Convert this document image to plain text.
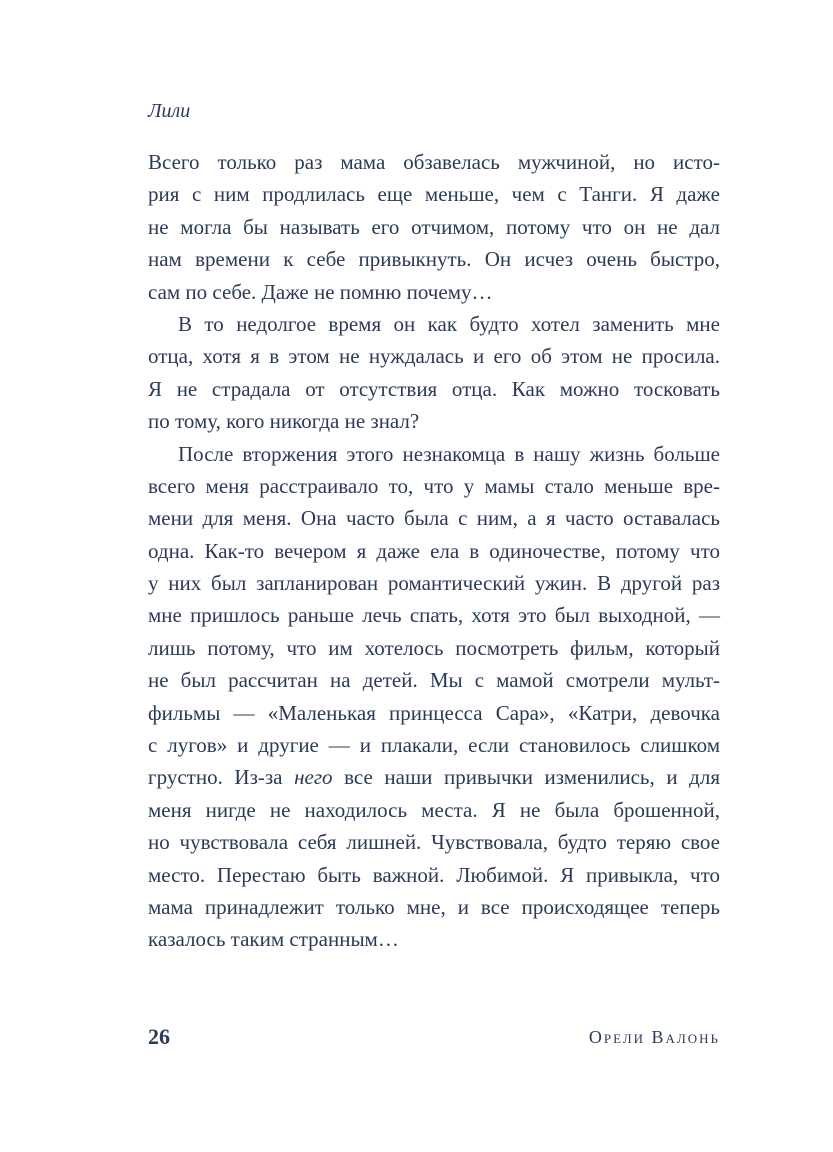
Лили
Всего только раз мама обзавелась мужчиной, но исто-
рия с ним продлилась еще меньше, чем с Танги. Я даже
не могла бы называть его отчимом, потому что он не дал
нам времени к себе привыкнуть. Он исчез очень быстро,
сам по себе. Даже не помню почему…
В то недолгое время он как будто хотел заменить мне
отца, хотя я в этом не нуждалась и его об этом не просила.
Я не страдала от отсутствия отца. Как можно тосковать
по тому, кого никогда не знал?
После вторжения этого незнакомца в нашу жизнь больше
всего меня расстраивало то, что у мамы стало меньше вре-
мени для меня. Она часто была с ним, а я часто оставалась
одна. Как-то вечером я даже ела в одиночестве, потому что
у них был запланирован романтический ужин. В другой раз
мне пришлось раньше лечь спать, хотя это был выходной, —
лишь потому, что им хотелось посмотреть фильм, который
не был рассчитан на детей. Мы с мамой смотрели мульт-
фильмы — «Маленькая принцесса Сара», «Катри, девочка
с лугов» и другие — и плакали, если становилось слишком
грустно. Из-за него все наши привычки изменились, и для
меня нигде не находилось места. Я не была брошенной,
но чувствовала себя лишней. Чувствовала, будто теряю свое
место. Перестаю быть важной. Любимой. Я привыкла, что
мама принадлежит только мне, и все происходящее теперь
казалось таким странным…
26	Орели Валонь
